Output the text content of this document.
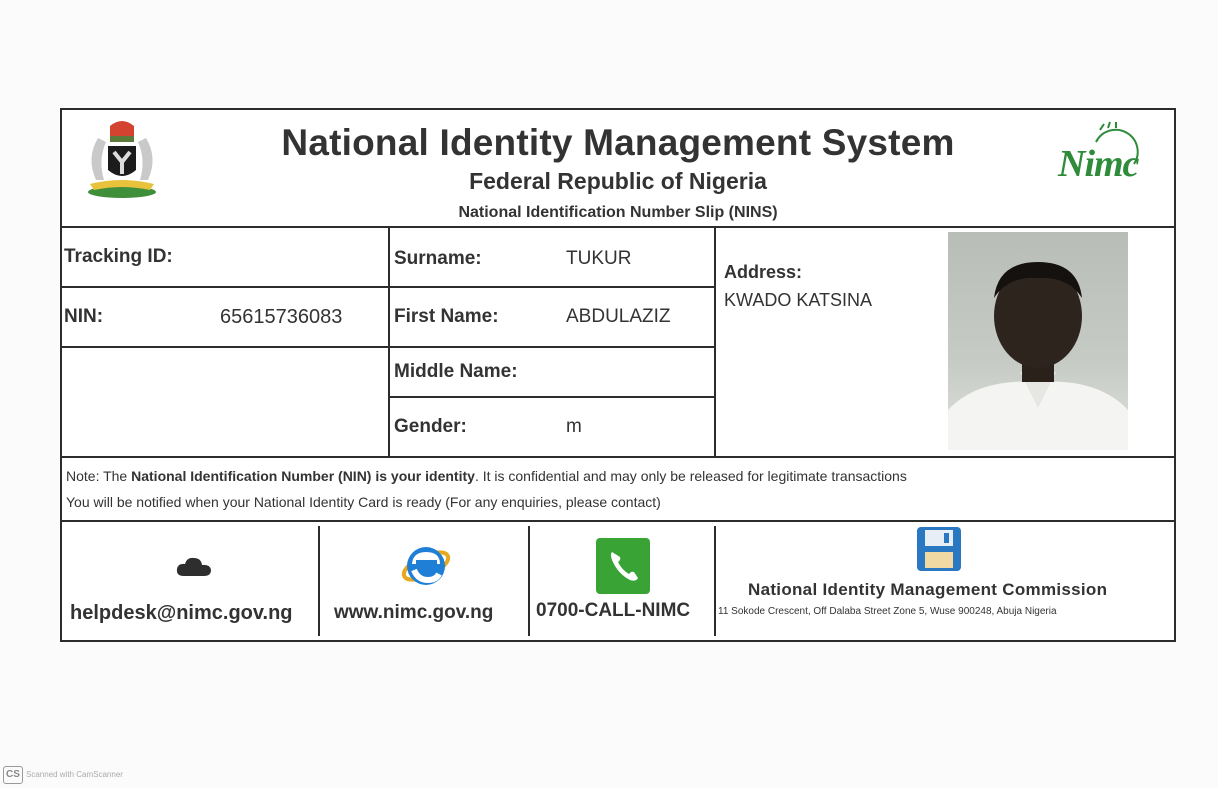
National Identity Management System
Federal Republic of Nigeria
National Identification Number Slip (NINS)
Nimc
Tracking ID:
NIN:	65615736083
Surname:	TUKUR
First Name:	ABDULAZIZ
Middle Name:
Gender:	m
Address:
KWADO KATSINA
Note: The National Identification Number (NIN) is your identity. It is confidential and may only be released for legitimate transactions
You will be notified when your National Identity Card is ready (For any enquiries, please contact)
helpdesk@nimc.gov.ng www.nimc.gov.ng 0700-CALL-NIMC
National Identity Management Commission
11 Sokode Crescent, Off Dalaba Street Zone 5, Wuse 900248, Abuja Nigeria
CS Scanned with CamScanner
